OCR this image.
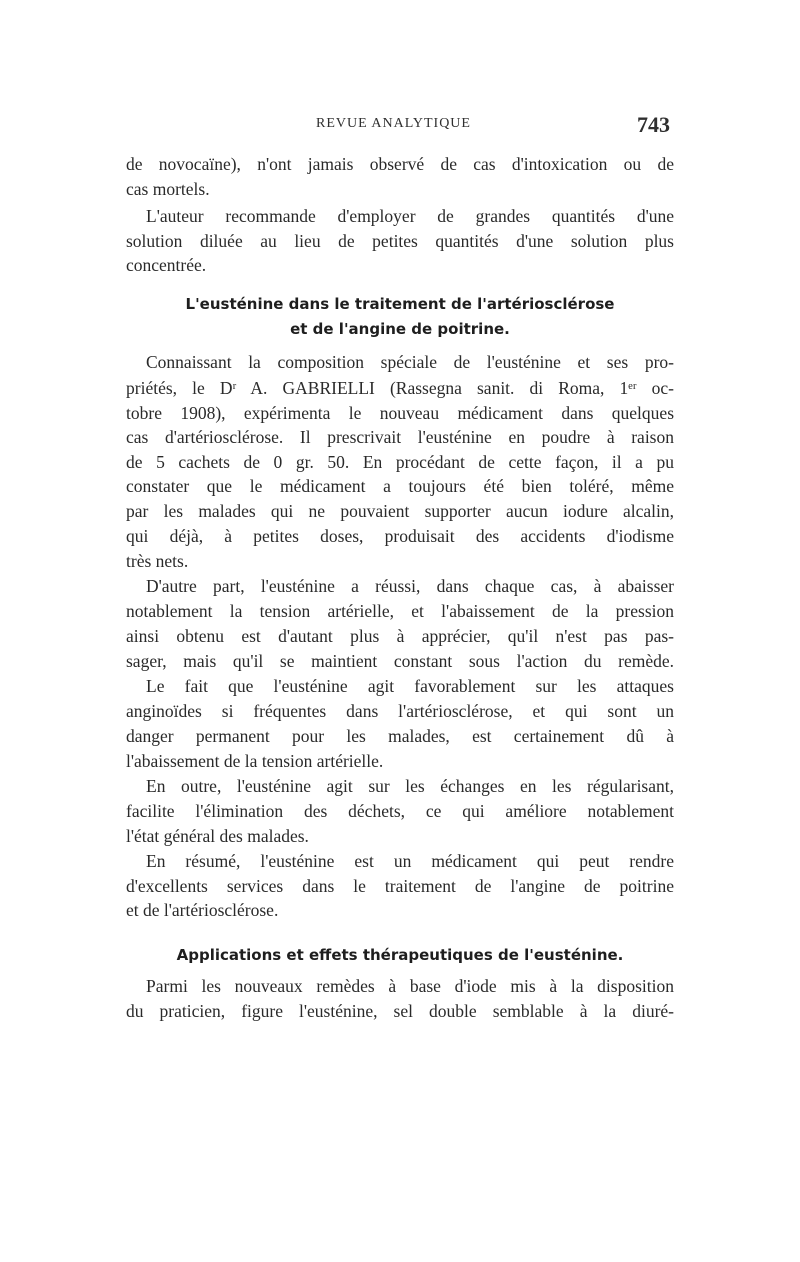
REVUE ANALYTIQUE	743
de novocaïne), n'ont jamais observé de cas d'intoxication ou de
cas mortels.
L'auteur recommande d'employer de grandes quantités d'une
solution diluée au lieu de petites quantités d'une solution plus
concentrée.
L'eusténine dans le traitement de l'artériosclérose
et de l'angine de poitrine.
Connaissant la composition spéciale de l'eusténine et ses pro-
priétés, le Dʳ A. GABRIELLI (Rassegna sanit. di Roma, 1ᵉʳ oc-
tobre 1908), expérimenta le nouveau médicament dans quelques
cas d'artériosclérose. Il prescrivait l'eusténine en poudre à raison
de 5 cachets de 0 gr. 50. En procédant de cette façon, il a pu
constater que le médicament a toujours été bien toléré, même
par les malades qui ne pouvaient supporter aucun iodure alcalin,
qui déjà, à petites doses, produisait des accidents d'iodisme
très nets.
D'autre part, l'eusténine a réussi, dans chaque cas, à abaisser
notablement la tension artérielle, et l'abaissement de la pression
ainsi obtenu est d'autant plus à apprécier, qu'il n'est pas pas-
sager, mais qu'il se maintient constant sous l'action du remède.
Le fait que l'eusténine agit favorablement sur les attaques
anginoïdes si fréquentes dans l'artériosclérose, et qui sont un
danger permanent pour les malades, est certainement dû à
l'abaissement de la tension artérielle.
En outre, l'eusténine agit sur les échanges en les régularisant,
facilite l'élimination des déchets, ce qui améliore notablement
l'état général des malades.
En résumé, l'eusténine est un médicament qui peut rendre
d'excellents services dans le traitement de l'angine de poitrine
et de l'artériosclérose.
Applications et effets thérapeutiques de l'eusténine.
Parmi les nouveaux remèdes à base d'iode mis à la disposition
du praticien, figure l'eusténine, sel double semblable à la diuré-
